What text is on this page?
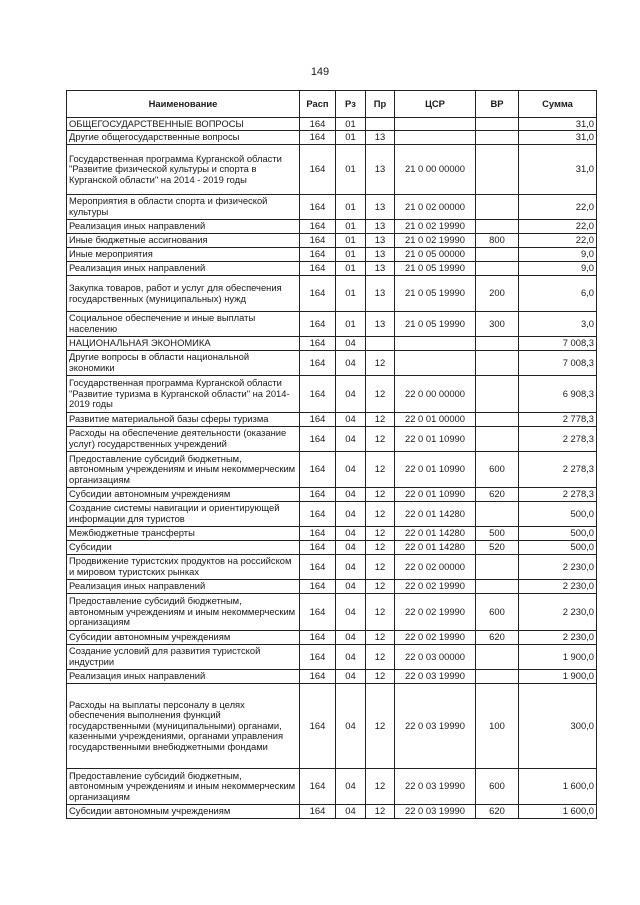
149
Наименование	Расп	Рз	Пр	ЦСР	ВР	Сумма
ОБЩЕГОСУДАРСТВЕННЫЕ ВОПРОСЫ	164	01				31,0
Другие общегосударственные вопросы	164	01	13			31,0
Государственная программа Курганской области "Развитие физической культуры и спорта в Курганской области" на 2014 - 2019 годы	164	01	13	21 0 00 00000		31,0
Мероприятия в области спорта и физической культуры	164	01	13	21 0 02 00000		22,0
Реализация иных направлений	164	01	13	21 0 02 19990		22,0
Иные бюджетные ассигнования	164	01	13	21 0 02 19990	800	22,0
Иные мероприятия	164	01	13	21 0 05 00000		9,0
Реализация иных направлений	164	01	13	21 0 05 19990		9,0
Закупка товаров, работ и услуг для обеспечения государственных (муниципальных) нужд	164	01	13	21 0 05 19990	200	6,0
Социальное обеспечение и иные выплаты населению	164	01	13	21 0 05 19990	300	3,0
НАЦИОНАЛЬНАЯ ЭКОНОМИКА	164	04				7 008,3
Другие вопросы в области национальной экономики	164	04	12			7 008,3
Государственная программа Курганской области "Развитие туризма в Курганской области" на 2014-2019 годы	164	04	12	22 0 00 00000		6 908,3
Развитие материальной базы сферы туризма	164	04	12	22 0 01 00000		2 778,3
Расходы на обеспечение деятельности (оказание услуг) государственных учреждений	164	04	12	22 0 01 10990		2 278,3
Предоставление субсидий бюджетным, автономным учреждениям и иным некоммерческим организациям	164	04	12	22 0 01 10990	600	2 278,3
Субсидии автономным учреждениям	164	04	12	22 0 01 10990	620	2 278,3
Создание системы навигации и ориентирующей информации для туристов	164	04	12	22 0 01 14280		500,0
Межбюджетные трансферты	164	04	12	22 0 01 14280	500	500,0
Субсидии	164	04	12	22 0 01 14280	520	500,0
Продвижение туристских продуктов на российском и мировом туристских рынках	164	04	12	22 0 02 00000		2 230,0
Реализация иных направлений	164	04	12	22 0 02 19990		2 230,0
Предоставление субсидий бюджетным, автономным учреждениям и иным некоммерческим организациям	164	04	12	22 0 02 19990	600	2 230,0
Субсидии автономным учреждениям	164	04	12	22 0 02 19990	620	2 230,0
Создание условий для развития туристской индустрии	164	04	12	22 0 03 00000		1 900,0
Реализация иных направлений	164	04	12	22 0 03 19990		1 900,0
Расходы на выплаты персоналу в целях обеспечения выполнения функций государственными (муниципальными) органами, казенными учреждениями, органами управления государственными внебюджетными фондами	164	04	12	22 0 03 19990	100	300,0
Предоставление субсидий бюджетным, автономным учреждениям и иным некоммерческим организациям	164	04	12	22 0 03 19990	600	1 600,0
Субсидии автономным учреждениям	164	04	12	22 0 03 19990	620	1 600,0
